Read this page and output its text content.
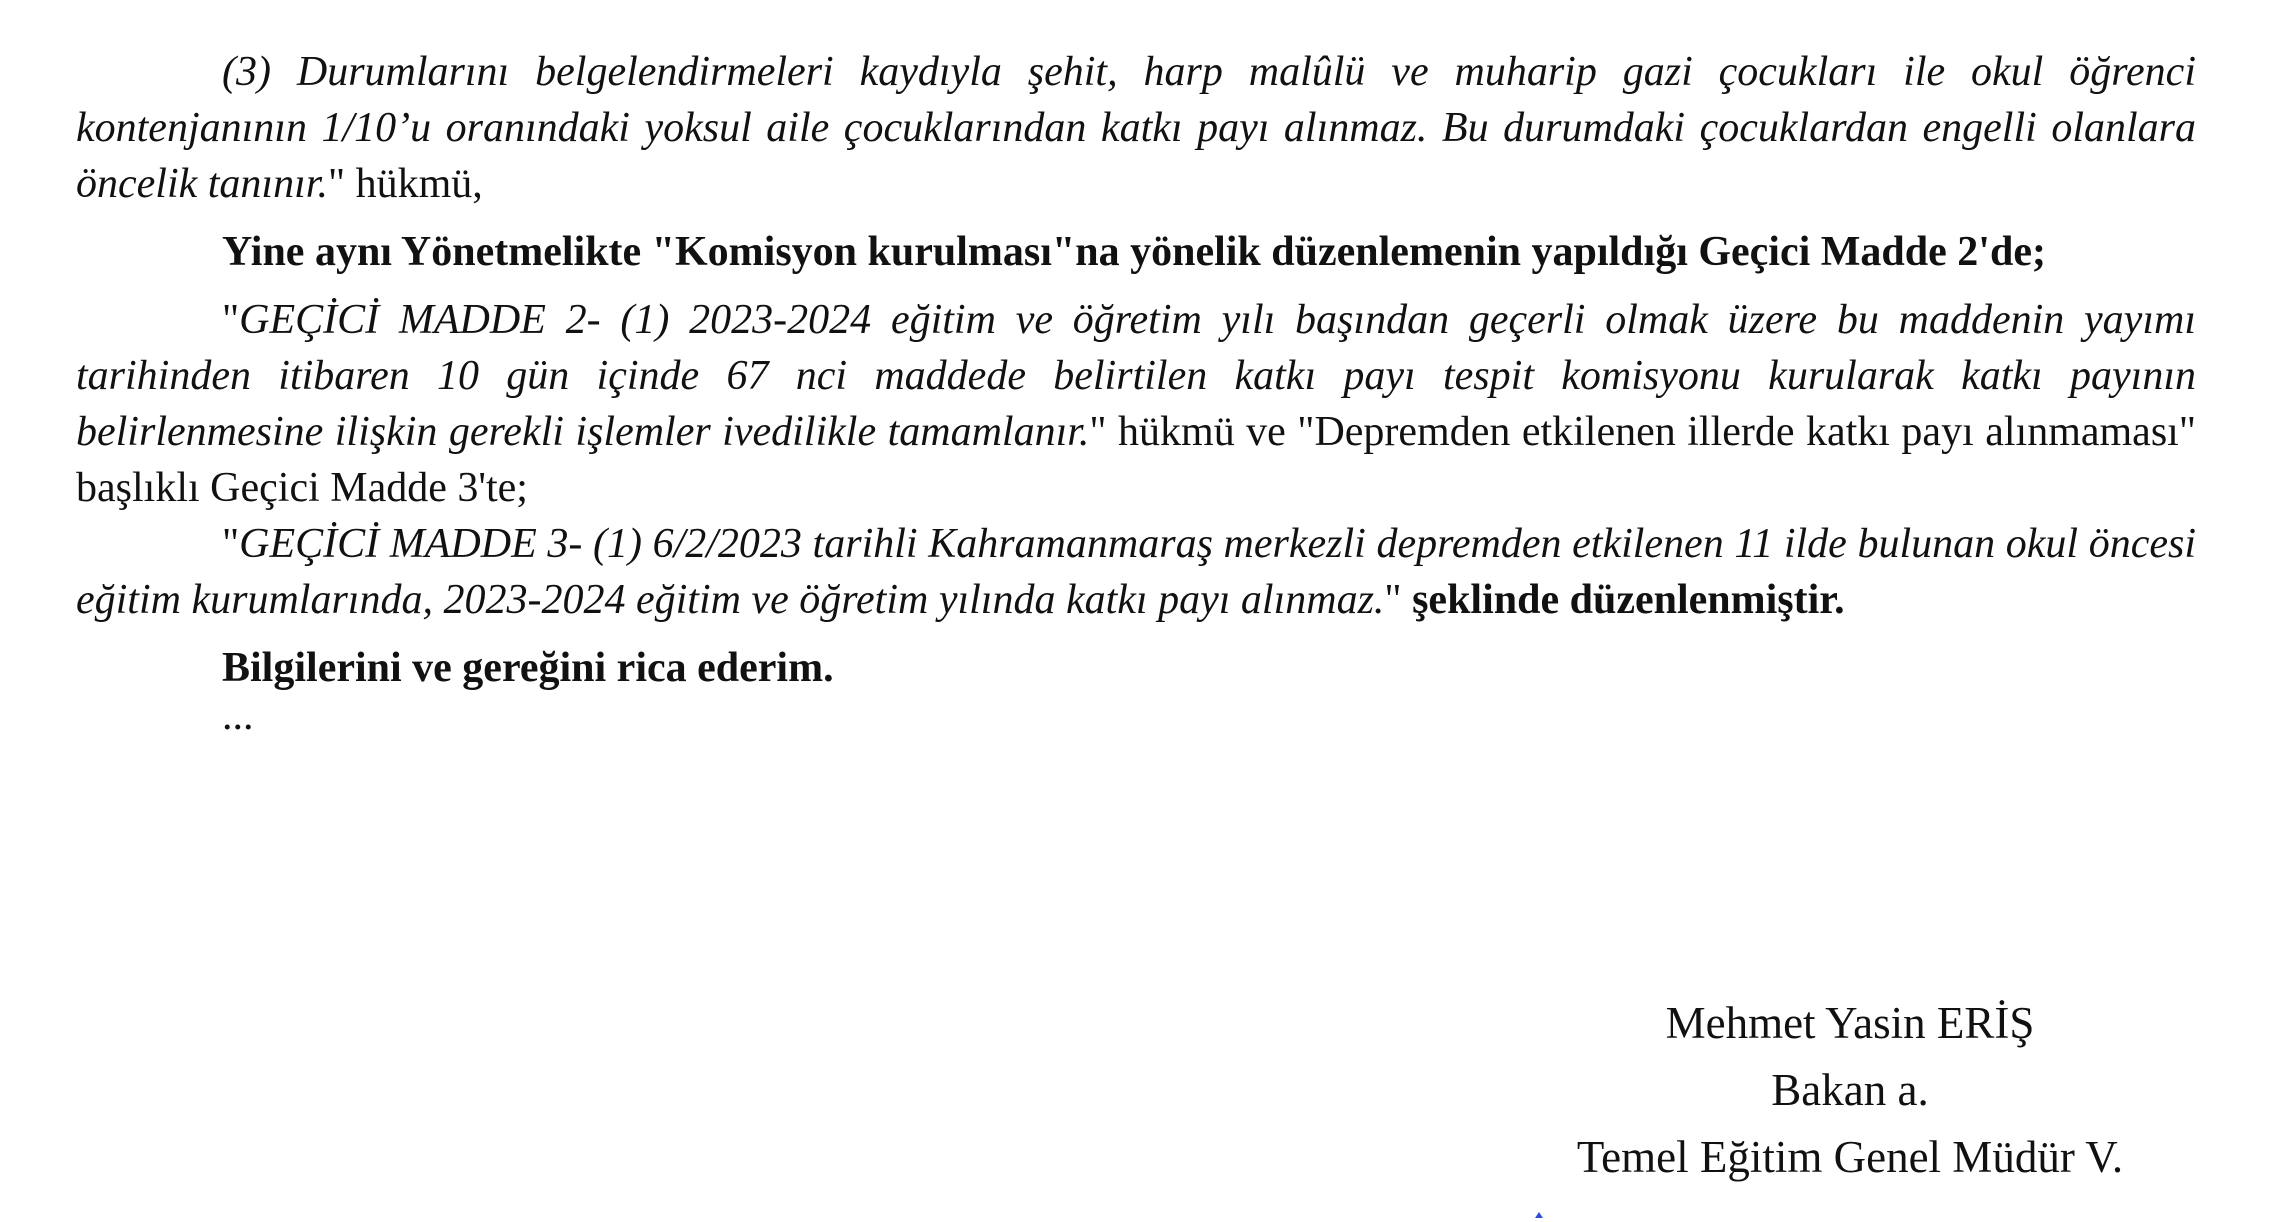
(3) Durumlarını belgelendirmeleri kaydıyla şehit, harp malûlü ve muharip gazi çocukları ile okul öğrenci kontenjanının 1/10’u oranındaki yoksul aile çocuklarından katkı payı alınmaz. Bu durumdaki çocuklardan engelli olanlara öncelik tanınır." hükmü,

Yine aynı Yönetmelikte "Komisyon kurulması"na yönelik düzenlemenin yapıldığı Geçici Madde 2'de;

"GEÇİCİ MADDE 2- (1) 2023-2024 eğitim ve öğretim yılı başından geçerli olmak üzere bu maddenin yayımı tarihinden itibaren 10 gün içinde 67 nci maddede belirtilen katkı payı tespit komisyonu kurularak katkı payının belirlenmesine ilişkin gerekli işlemler ivedilikle tamamlanır." hükmü ve "Depremden etkilenen illerde katkı payı alınmaması" başlıklı Geçici Madde 3'te;

"GEÇİCİ MADDE 3- (1) 6/2/2023 tarihli Kahramanmaraş merkezli depremden etkilenen 11 ilde bulunan okul öncesi eğitim kurumlarında, 2023-2024 eğitim ve öğretim yılında katkı payı alınmaz." şeklinde düzenlenmiştir.

Bilgilerini ve gereğini rica ederim.

...

Mehmet Yasin ERİŞ
Bakan a.
Temel Eğitim Genel Müdür V.
